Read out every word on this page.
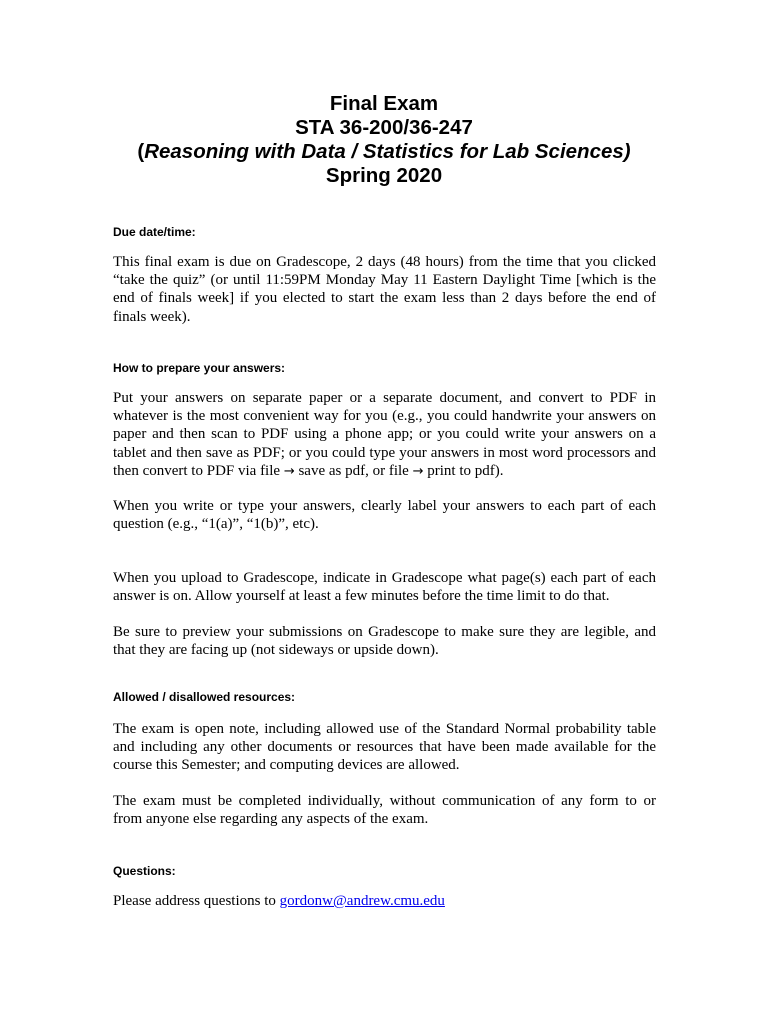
Final Exam
STA 36-200/36-247
(Reasoning with Data / Statistics for Lab Sciences)
Spring 2020
Due date/time:
This final exam is due on Gradescope, 2 days (48 hours) from the time that you clicked
“take the quiz” (or until 11:59PM Monday May 11 Eastern Daylight Time [which is the
end of finals week] if you elected to start the exam less than 2 days before the end of
finals week).
How to prepare your answers:
Put your answers on separate paper or a separate document, and convert to PDF in
whatever is the most convenient way for you (e.g., you could handwrite your answers on
paper and then scan to PDF using a phone app; or you could write your answers on a
tablet and then save as PDF; or you could type your answers in most word processors and
then convert to PDF via file → save as pdf, or file → print to pdf).
When you write or type your answers, clearly label your answers to each part of each
question (e.g., “1(a)”, “1(b)”, etc).
When you upload to Gradescope, indicate in Gradescope what page(s) each part of each
answer is on. Allow yourself at least a few minutes before the time limit to do that.
Be sure to preview your submissions on Gradescope to make sure they are legible, and
that they are facing up (not sideways or upside down).
Allowed / disallowed resources:
The exam is open note, including allowed use of the Standard Normal probability table
and including any other documents or resources that have been made available for the
course this Semester; and computing devices are allowed.
The exam must be completed individually, without communication of any form to or
from anyone else regarding any aspects of the exam.
Questions:
Please address questions to gordonw@andrew.cmu.edu
